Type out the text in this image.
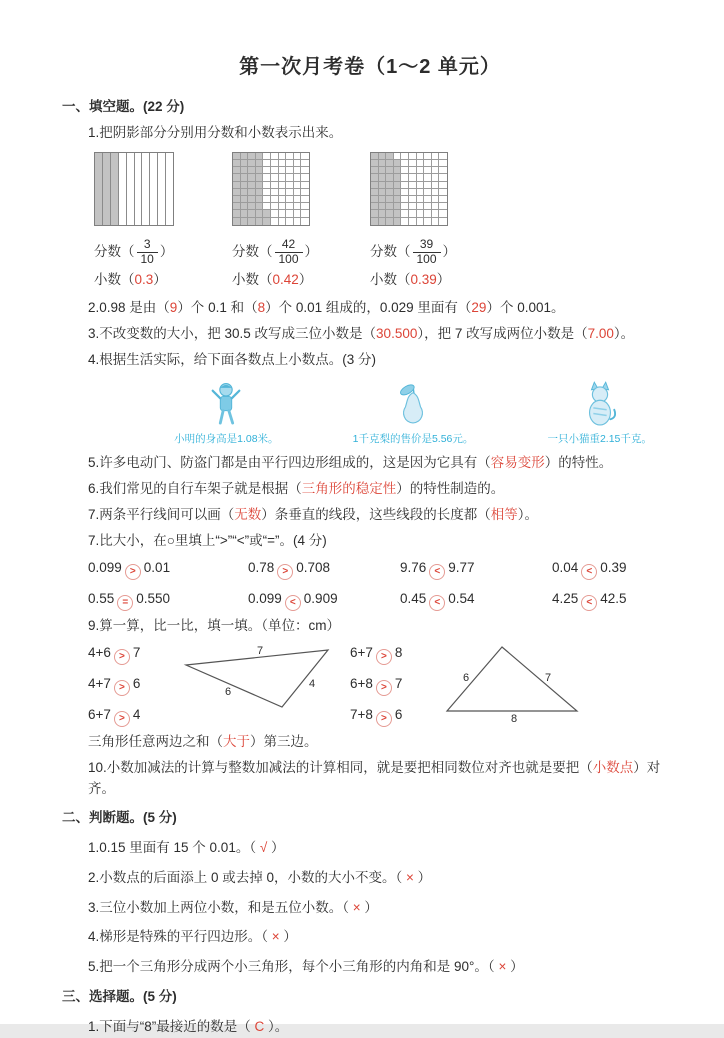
第一次月考卷（1～2 单元）
一、填空题。(22 分)
1.把阴影部分分别用分数和小数表示出来。
分数（ $\frac{3}{10}$ ）
小数（0.3）
分数（ $\frac{42}{100}$ ）
小数（0.42）
分数（ $\frac{39}{100}$ ）
小数（0.39）
2.0.98 是由（9）个 0.1 和（8）个 0.01 组成的，0.029 里面有（29）个 0.001。
3.不改变数的大小，把 30.5 改写成三位小数是（30.500），把 7 改写成两位小数是（7.00）。
4.根据生活实际，给下面各数点上小数点。(3 分)
小明的身高是1.08米。	1千克梨的售价是5.56元。	一只小猫重2.15千克。
5.许多电动门、防盗门都是由平行四边形组成的，这是因为它具有（容易变形）的特性。
6.我们常见的自行车架子就是根据（三角形的稳定性）的特性制造的。
7.两条平行线间可以画（无数）条垂直的线段，这些线段的长度都（相等）。
7.比大小，在○里填上“>”“<”或“=”。(4 分)
0.099 > 0.01	0.78 > 0.708	9.76 < 9.77	0.04 < 0.39
0.55 = 0.550	0.099 < 0.909	0.45 < 0.54	4.25 < 42.5
9.算一算，比一比，填一填。（单位：cm）
4+6 > 7
4+7 > 6
6+7 > 4
7
6
4
6+7 > 8
6+8 > 7
7+8 > 6
6	7
8
三角形任意两边之和（大于）第三边。
10.小数加减法的计算与整数加减法的计算相同，就是要把相同数位对齐也就是要把（小数点）对齐。
二、判断题。(5 分)
1.0.15 里面有 15 个 0.01。（ √ ）
2.小数点的后面添上 0 或去掉 0，小数的大小不变。（ × ）
3.三位小数加上两位小数，和是五位小数。（ × ）
4.梯形是特殊的平行四边形。（ × ）
5.把一个三角形分成两个小三角形，每个小三角形的内角和是 90°。（ × ）
三、选择题。(5 分)
1.下面与“8”最接近的数是（ C ）。
